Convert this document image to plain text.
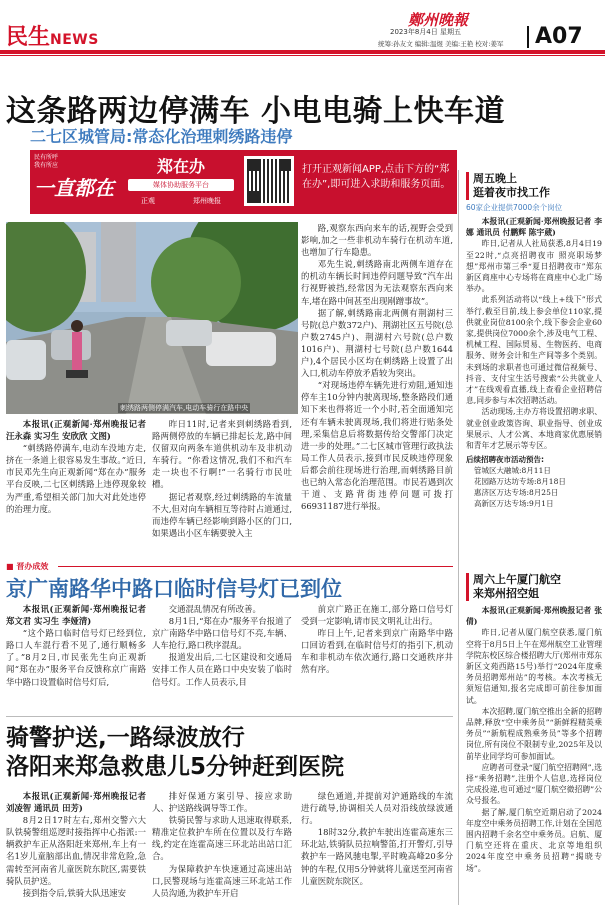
民生NEWS
鄭州晚報
2023年8月4日 星期五
统筹:孙友文 编辑:温煜 美编:王艳 校对:姜军 A07
这条路两边停满车 小电电骑上快车道
二七区城管局:常态化治理刺绣路违停
民有所呼
我有所应
一直都在
郑在办
媒体协助服务平台
正观	郑州晚报
打开正观新闻APP,点击下方的“郑在办”,即可进入求助和服务页面。
刺绣路两侧停满汽车,电动车骑行在路中央

本报讯(正观新闻·郑州晚报记者 汪永森 实习生 安欣欣 文图)

“刺绣路停满车,电动车没地方走,挤在一条道上很容易发生事故。”近日,市民邓先生向正观新闻“郑在办”服务平台反映,二七区刺绣路上违停现象较为严重,希望相关部门加大对此处违停的治理力度。

昨日11时,记者来到刺绣路看到,路两侧停放的车辆已排起长龙,路中间仅留双向两条车道供机动车及非机动车骑行。“你看这情况,我们不和汽车走一块也不行啊!”一名骑行市民吐槽。

据记者观察,经过刺绣路的车流量不大,但对向车辆相互等待时占道通过,而违停车辆已经影响到路小区的门口,如果遇出小区车辆要驶入主

路,观察东西向来车的话,视野会受到影响,加之一些非机动车骑行在机动车道,也增加了行车隐患。

邓先生说,刺绣路南北两侧车道存在的机动车辆长时间违停问题导致“汽车出行视野被挡,经常因为无法观察东西向来车,堵在路中间甚至出现剐蹭事故”。

据了解,刺绣路南北两侧有荆湖村三号院(总户数372户)、荆湖社区五号院(总户数2745户)、荆湖村六号院(总户数1016户)、荆湖村七号院(总户数1644户),4个居民小区均在刺绣路上设置了出入口,机动车停放矛盾较为突出。

“对现场违停车辆先进行劝阻,通知违停车主10分钟内驶离现场,整条路段们通知下来也得将近一个小时,若全面通知完还有车辆未驶离现场,我们将进行贴条处理,采集信息后将数据传给交警部门决定进一步的处理。”二七区城市管理行政执法局工作人员表示,接到市民反映违停现象后都会前往现场进行治理,而刺绣路目前也已纳入常态化治理范围。市民若遇到次干道、支路背街违停问题可拨打66931187进行举报。

周五晚上
逛着夜市找工作
60家企业提供7000余个岗位

本报讯(正观新闻·郑州晚报记者 李娜 通讯员 付鹏辉 陈宇葳)

昨日,记者从人社局获悉,8月4日19至22时,“点亮招聘夜市 照亮职场梦想”郑州市第三季“夏日招聘夜市”郑东新区商座中心专场将在商座中心北广场举办。

此系列活动将以“线上+线下”形式举行,截至目前,线上参会单位110家,提供就业岗位8100余个,线下参会企业60家,提供岗位7000余个,涉及电气工程、机械工程、国际贸易、生物医药、电商服务、财务会计和生产间等多个类别。未到场的求职者也可通过微信视频号、抖音、支付宝生活号搜索“公共就业人才”在线观看直播,线上查看企业招聘信息,同步参与本次招聘活动。

活动现场,主办方将设置招聘求职、就业创业政策咨询、职业指导、创业成果展示、人才公寓、本地商家优惠展销和青年才艺展示等专区。

后续招聘夜市活动预告:
管城区大融城:8月11日
花园路万达坊专场:8月18日
惠济区万达专场:8月25日
高新区万达专场:9月1日
周六上午厦门航空
来郑州招空姐

本报讯(正观新闻·郑州晚报记者 张倩)

昨日,记者从厦门航空获悉,厦门航空将于8月5日上午在郑州航空工业管理学院东校区综合楼招聘大厅(郑州市郑东新区文苑西路15号)举行“2024年度乘务员招聘郑州站”的考核。本次考核无须短信通知,报名完成即可前往参加面试。

本次招聘,厦门航空推出全新的招聘品牌,释放“空中乘务员”“新鲜程精英乘务员”“新航程成熟乘务员”等多个招聘岗位,所有岗位不限制专业,2025年及以前毕业同学均可参加面试。

应聘者可登录“厦门航空招聘网”,选择“乘务招聘”,注册个人信息,选择岗位完成投递,也可通过“厦门航空微招聘”公众号报名。

据了解,厦门航空近期启动了2024年度空中乘务员招聘工作,计划在全国范围内招聘千余名空中乘务员。启航、厦门航空还将在重庆、北京等地组织2024年度空中乘务员招聘“揭晓专场”。

■ 晋办成效
京广南路华中路口临时信号灯已到位

本报讯(正观新闻·郑州晚报记者 郑文君 实习生 李娅清)

“这个路口临时信号灯已经到位,路口人车混行看不见了,通行顺畅多了。”8月2日,市民张先生向正观新闻“郑在办”服务平台反馈称京广南路华中路口设置临时信号灯后,

交通混乱情况有所改善。

8月1日,“郑在办”服务平台报道了京广南路华中路口信号灯不亮,车辆、人车抢行,路口秩序混乱。

报道发出后,二七区建设和交通局安排工作人员在路口中央安装了临时信号灯。工作人员表示,目

前京广路正在施工,部分路口信号灯受到一定影响,请市民文明礼让出行。

昨日上午,记者来到京广南路华中路口回访看到,在临时信号灯的指引下,机动车和非机动车依次通行,路口交通秩序井然有序。

骑警护送,一路绿波放行
洛阳来郑急救患儿5分钟赶到医院

本报讯(正观新闻·郑州晚报记者 刘凌智 通讯员 田芳)

8月2日17时左右,郑州交警六大队铁骑警组巡逻时接指挥中心指派:一辆救护车正从洛阳赶来郑州,车上有一名1岁儿童脑部出血,情况非常危险,急需转至河南省儿童医院东院区,需要铁骑队员护送。

接到指令后,铁骑大队迅速安

排好保通方案引导、接应求助人、护送路线调导等工作。

铁骑民警与求助人迅速取得联系,精准定位救护车所在位置以及行车路线,约定在连霍高速三环北站出站口汇合。

为保障救护车快速通过高速出站口,民警现场与连霍高速三环北站工作人员沟通,为救护车开启

绿色通道,并提前对沪通路线的车流进行疏导,协调相关人员对沿线放绿波通行。

18时32分,救护车驶出连霍高速东三环北站,铁骑队员拉响警笛,打开警灯,引导救护车一路风驰电掣,平时晚高峰20多分钟的车程,仅用5分钟就将儿童送至河南省儿童医院东院区。
